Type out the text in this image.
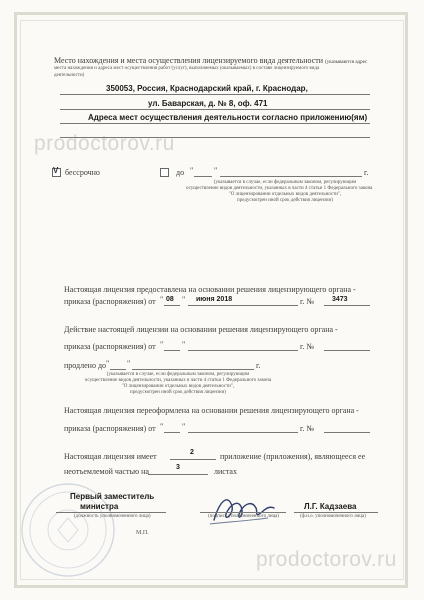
Место нахождения и места осуществления лицензируемого вида деятельности (указываются адрес
места нахождения и адреса мест осуществления работ (услуг), выполняемых (оказываемых) в составе лицензируемого вида
деятельности)
350053, Россия, Краснодарский край, г. Краснодар,
ул. Баварская, д. № 8, оф. 471
Адреса мест осуществления деятельности согласно приложению(ям)
prodoctorov.ru
prodoctorov.ru
V бессрочно	до "	"	г.
(указывается в случае, если федеральным законом, регулирующим
осуществление видов деятельности, указанных в части 4 статьи 1 Федерального закона
"О лицензировании отдельных видов деятельности",
предусмотрен иной срок действия лицензии)
Настоящая лицензия предоставлена на основании решения лицензирующего органа -
приказа (распоряжения) от " 08 " июня 2018	г. №	3473
Действие настоящей лицензии на основании решения лицензирующего органа -
приказа (распоряжения) от " "	г. №
продлено до " "	г.
(указывается в случае, если федеральным законом, регулирующим
осуществление видов деятельности, указанных в части 4 статьи 1 Федерального закона
"О лицензировании отдельных видов деятельности",
предусмотрен иной срок действия лицензии)
Настоящая лицензия переоформлена на основании решения лицензирующего органа -
приказа (распоряжения) от " "	г. №
Настоящая лицензия имеет	2	приложение (приложения), являющееся ее
неотъемлемой частью на	3	листах
Первый заместитель
министра
(должность уполномоченного лица)	(подпись уполномоченного лица)
Л.Г. Кадзаева
(ф.и.о. уполномоченного лица)
М.П.
